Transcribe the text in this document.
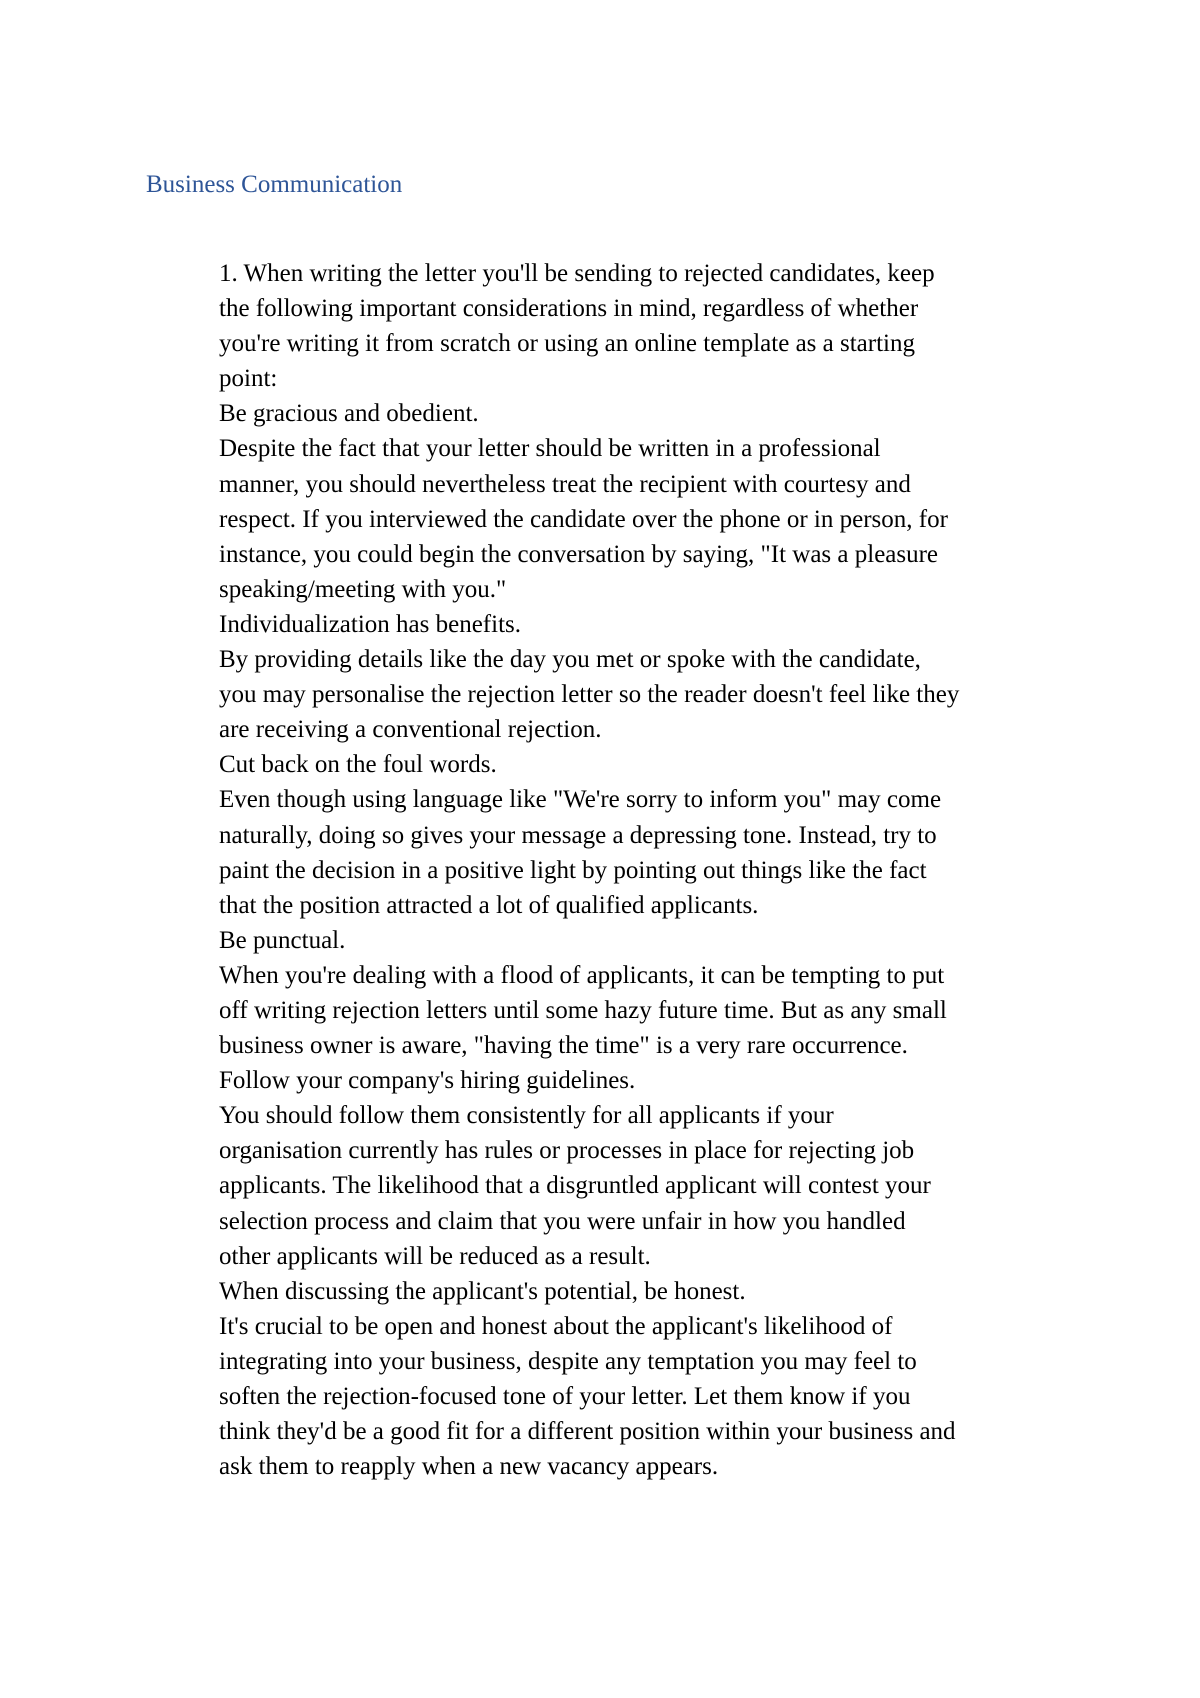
Business Communication

1. When writing the letter you'll be sending to rejected candidates, keep

the following important considerations in mind, regardless of whether

you're writing it from scratch or using an online template as a starting

point:

Be gracious and obedient.

Despite the fact that your letter should be written in a professional

manner, you should nevertheless treat the recipient with courtesy and

respect. If you interviewed the candidate over the phone or in person, for

instance, you could begin the conversation by saying, "It was a pleasure

speaking/meeting with you."

Individualization has benefits.

By providing details like the day you met or spoke with the candidate,

you may personalise the rejection letter so the reader doesn't feel like they

are receiving a conventional rejection.

Cut back on the foul words.

Even though using language like "We're sorry to inform you" may come

naturally, doing so gives your message a depressing tone. Instead, try to

paint the decision in a positive light by pointing out things like the fact

that the position attracted a lot of qualified applicants.

Be punctual.

When you're dealing with a flood of applicants, it can be tempting to put

off writing rejection letters until some hazy future time. But as any small

business owner is aware, "having the time" is a very rare occurrence.

Follow your company's hiring guidelines.

You should follow them consistently for all applicants if your

organisation currently has rules or processes in place for rejecting job

applicants. The likelihood that a disgruntled applicant will contest your

selection process and claim that you were unfair in how you handled

other applicants will be reduced as a result.

When discussing the applicant's potential, be honest.

It's crucial to be open and honest about the applicant's likelihood of

integrating into your business, despite any temptation you may feel to

soften the rejection-focused tone of your letter. Let them know if you

think they'd be a good fit for a different position within your business and

ask them to reapply when a new vacancy appears.
